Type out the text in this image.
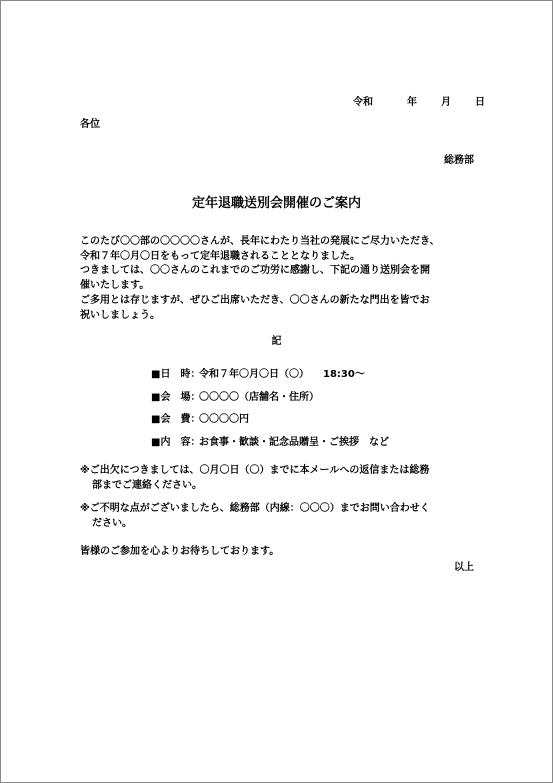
令和	年 月 日
各位
総務部
定年退職送別会開催のご案内
このたび〇〇部の〇〇〇〇さんが、長年にわたり当社の発展にご尽力いただき、
令和７年〇月〇日をもって定年退職されることとなりました。
つきましては、〇〇さんのこれまでのご功労に感謝し、下記の通り送別会を開
催いたします。
ご多用とは存じますが、ぜひご出席いただき、〇〇さんの新たな門出を皆でお
祝いしましょう。
記
■日　時：令和７年〇月〇日（〇） 18:30～
■会　場：〇〇〇〇（店舗名・住所）
■会　費：〇〇〇〇円
■内　容：お食事・歓談・記念品贈呈・ご挨拶　など
※ご出欠につきましては、〇月〇日（〇）までに本メールへの返信または総務
部までご連絡ください。
※ご不明な点がございましたら、総務部（内線：〇〇〇）までお問い合わせく
ださい。
皆様のご参加を心よりお待ちしております。
以上
